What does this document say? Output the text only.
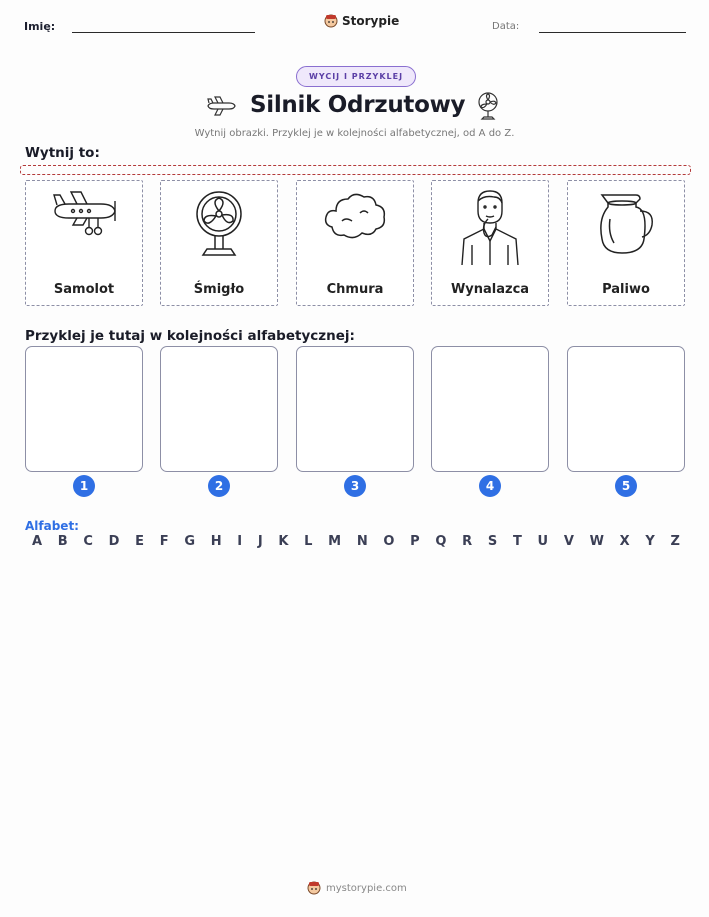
Imię:	Storypie	Data:
WYCIJ I PRZYKLEJ
Silnik Odrzutowy
Wytnij obrazki. Przyklej je w kolejności alfabetycznej, od A do Z.
Wytnij to:
Samolot	Śmigło	Chmura	Wynalazca	Paliwo
Przyklej je tutaj w kolejności alfabetycznej:
1	2	3	4	5
Alfabet:
A B C D E F G H I J K L M N O P Q R S T U V W X Y Z
mystorypie.com
